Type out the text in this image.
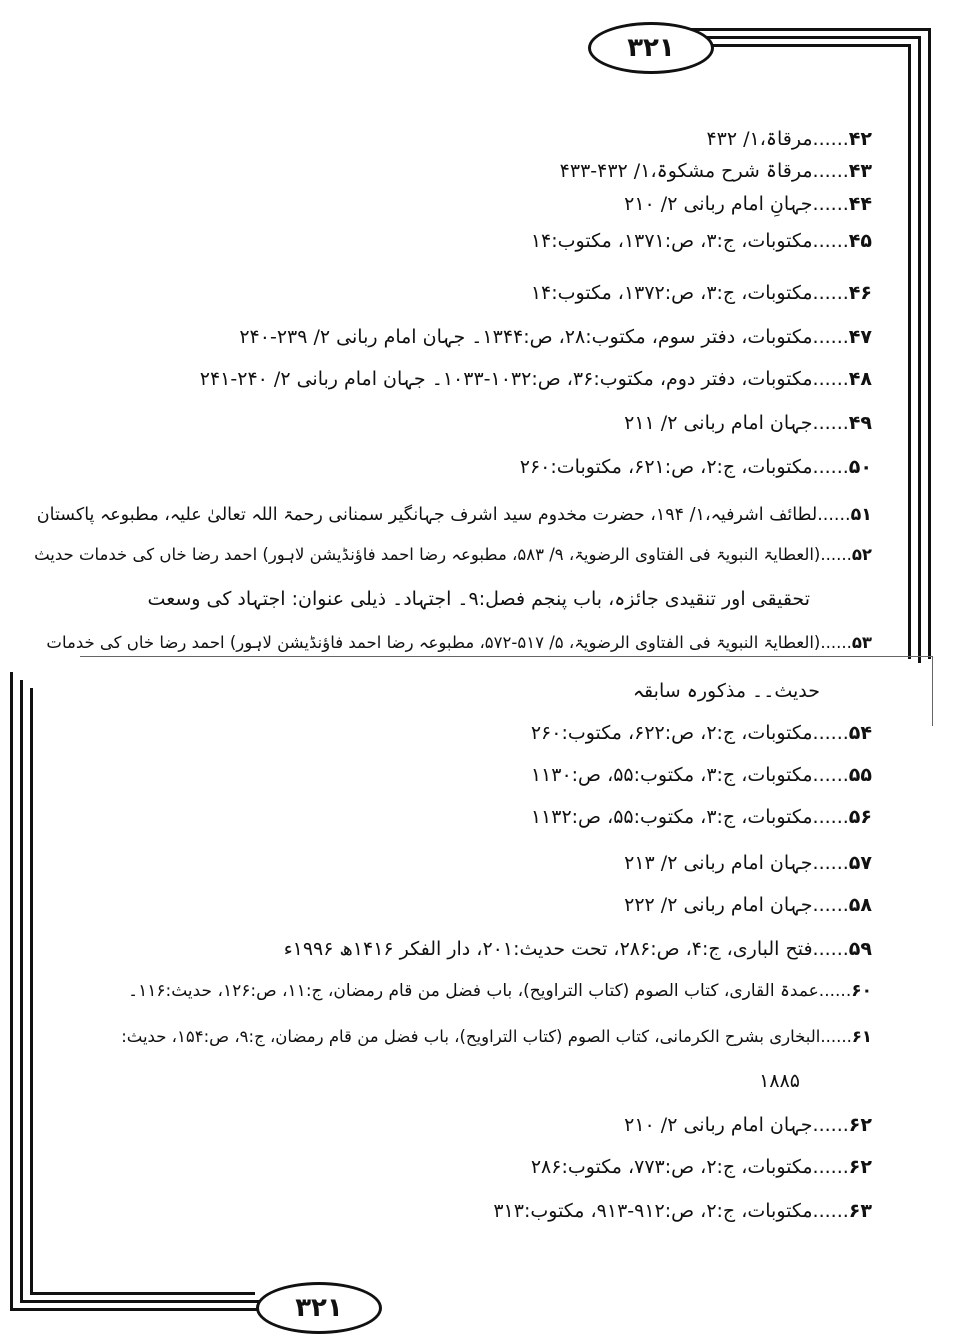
۳۲۱
۳۲۱
۴۲......مرقاۃ،۱/ ۴۳۲
۴۳......مرقاۃ شرح مشکوۃ،۱/ ۴۳۲-۴۳۳
۴۴......جہانِ امام ربانی ۲/ ۲۱۰
۴۵......مکتوبات، ج:۳، ص:۱۳۷۱، مکتوب:۱۴
۴۶......مکتوبات، ج:۳، ص:۱۳۷۲، مکتوب:۱۴
۴۷......مکتوبات، دفتر سوم، مکتوب:۲۸، ص:۱۳۴۴۔ جہان امام ربانی ۲/ ۲۳۹-۲۴۰
۴۸......مکتوبات، دفتر دوم، مکتوب:۳۶، ص:۱۰۳۲-۱۰۳۳۔ جہان امام ربانی ۲/ ۲۴۰-۲۴۱
۴۹......جہان امام ربانی ۲/ ۲۱۱
۵۰......مکتوبات، ج:۲، ص:۶۲۱، مکتوبات:۲۶۰
۵۱......لطائف اشرفیہ،۱/ ۱۹۴، حضرت مخدوم سید اشرف جہانگیر سمنانی رحمۃ اللہ تعالیٰ علیہ، مطبوعہ پاکستان
۵۲......(العطایۃ النبویۃ فی الفتاوی الرضویۃ، ۹/ ۵۸۳، مطبوعہ رضا احمد فاؤنڈیشن لاہور) احمد رضا خاں کی خدمات حدیث
تحقیقی اور تنقیدی جائزہ، باب پنجم فصل:۹۔ اجتہاد۔ ذیلی عنوان: اجتہاد کی وسعت
۵۳......(العطایۃ النبویۃ فی الفتاوی الرضویۃ، ۵/ ۵۱۷-۵۷۲، مطبوعہ رضا احمد فاؤنڈیشن لاہور) احمد رضا خاں کی خدمات
حدیث۔۔ مذکورہ سابقہ
۵۴......مکتوبات، ج:۲، ص:۶۲۲، مکتوب:۲۶۰
۵۵......مکتوبات، ج:۳، مکتوب:۵۵، ص:۱۱۳۰
۵۶......مکتوبات، ج:۳، مکتوب:۵۵، ص:۱۱۳۲
۵۷......جہان امام ربانی ۲/ ۲۱۳
۵۸......جہان امام ربانی ۲/ ۲۲۲
۵۹......فتح الباری، ج:۴، ص:۲۸۶، تحت حدیث:۲۰۱، دار الفکر ۱۴۱۶ھ ۱۹۹۶ء
۶۰......عمدۃ القاری، کتاب الصوم (کتاب التراویح)، باب فضل من قام رمضان، ج:۱۱، ص:۱۲۶، حدیث:۱۱۶۔
۶۱......البخاری بشرح الکرمانی، کتاب الصوم (کتاب التراویح)، باب فضل من قام رمضان، ج:۹، ص:۱۵۴، حدیث:
۱۸۸۵
۶۲......جہان امام ربانی ۲/ ۲۱۰
۶۲......مکتوبات، ج:۲، ص:۷۷۳، مکتوب:۲۸۶
۶۳......مکتوبات، ج:۲، ص:۹۱۲-۹۱۳، مکتوب:۳۱۳
